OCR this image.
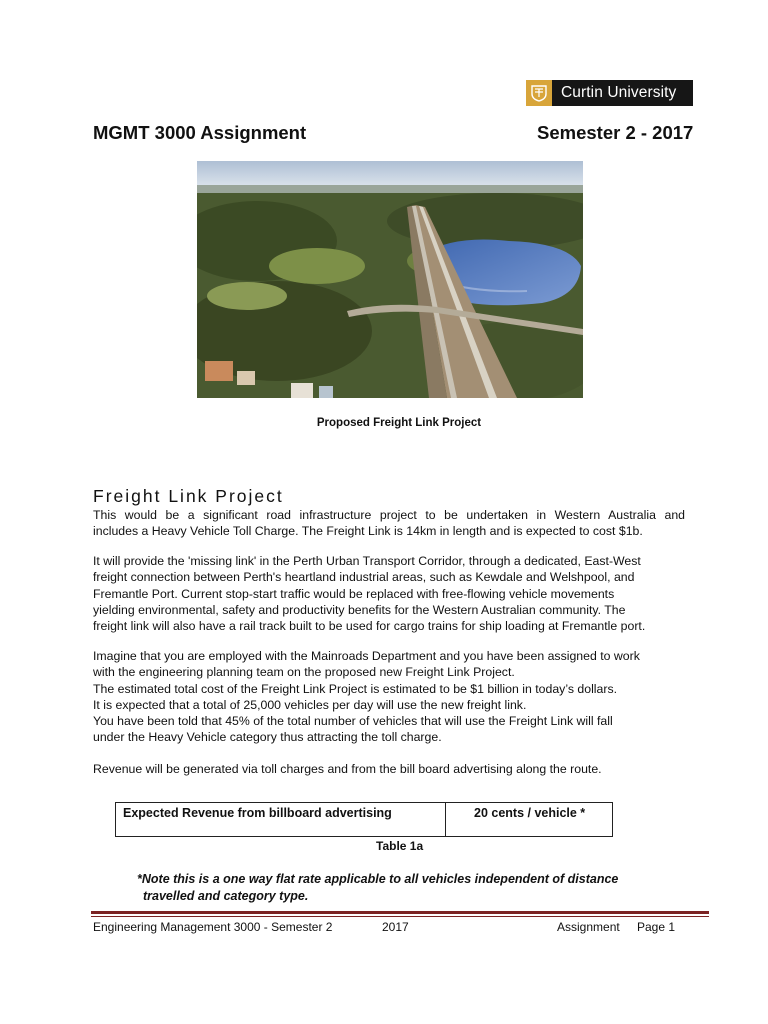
Curtin University
MGMT 3000 Assignment	Semester 2 - 2017
Proposed Freight Link Project
Freight Link Project

This would be a significant road infrastructure project to be undertaken in Western Australia and
includes a Heavy Vehicle Toll Charge. The Freight Link is 14km in length and is expected to cost $1b.

It will provide the 'missing link' in the Perth Urban Transport Corridor, through a dedicated, East-West
freight connection between Perth's heartland industrial areas, such as Kewdale and Welshpool, and
Fremantle Port. Current stop-start traffic would be replaced with free-flowing vehicle movements
yielding environmental, safety and productivity benefits for the Western Australian community. The
freight link will also have a rail track built to be used for cargo trains for ship loading at Fremantle port.

Imagine that you are employed with the Mainroads Department and you have been assigned to work
with the engineering planning team on the proposed new Freight Link Project.
The estimated total cost of the Freight Link Project is estimated to be $1 billion in today’s dollars.
It is expected that a total of 25,000 vehicles per day will use the new freight link.
You have been told that 45% of the total number of vehicles that will use the Freight Link will fall
under the Heavy Vehicle category thus attracting the toll charge.

Revenue will be generated via toll charges and from the bill board advertising along the route.

Expected Revenue from billboard advertising	20 cents / vehicle *
Table 1a
*Note this is a one way flat rate applicable to all vehicles independent of distance
travelled and category type.
Engineering Management 3000 - Semester 2	2017	Assignment Page 1
